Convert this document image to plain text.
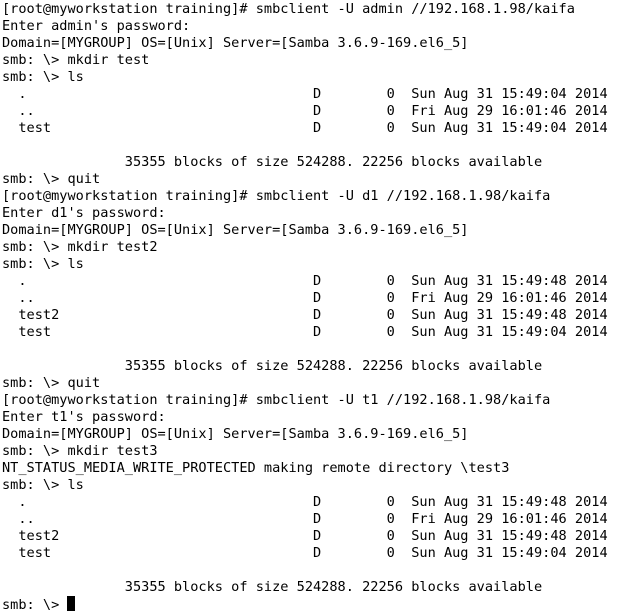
[root@myworkstation training]# smbclient -U admin //192.168.1.98/kaifa
Enter admin's password:
Domain=[MYGROUP] OS=[Unix] Server=[Samba 3.6.9-169.el6_5]
smb: \> mkdir test
smb: \> ls
.                                   D        0  Sun Aug 31 15:49:04 2014
..                                  D        0  Fri Aug 29 16:01:46 2014
test                                D        0  Sun Aug 31 15:49:04 2014
35355 blocks of size 524288. 22256 blocks available
smb: \> quit
[root@myworkstation training]# smbclient -U d1 //192.168.1.98/kaifa
Enter d1's password:
Domain=[MYGROUP] OS=[Unix] Server=[Samba 3.6.9-169.el6_5]
smb: \> mkdir test2
smb: \> ls
.                                   D        0  Sun Aug 31 15:49:48 2014
..                                  D        0  Fri Aug 29 16:01:46 2014
test2                               D        0  Sun Aug 31 15:49:48 2014
test                                D        0  Sun Aug 31 15:49:04 2014
35355 blocks of size 524288. 22256 blocks available
smb: \> quit
[root@myworkstation training]# smbclient -U t1 //192.168.1.98/kaifa
Enter t1's password:
Domain=[MYGROUP] OS=[Unix] Server=[Samba 3.6.9-169.el6_5]
smb: \> mkdir test3
NT_STATUS_MEDIA_WRITE_PROTECTED making remote directory \test3
smb: \> ls
.                                   D        0  Sun Aug 31 15:49:48 2014
..                                  D        0  Fri Aug 29 16:01:46 2014
test2                               D        0  Sun Aug 31 15:49:48 2014
test                                D        0  Sun Aug 31 15:49:04 2014
35355 blocks of size 524288. 22256 blocks available
smb: \>
